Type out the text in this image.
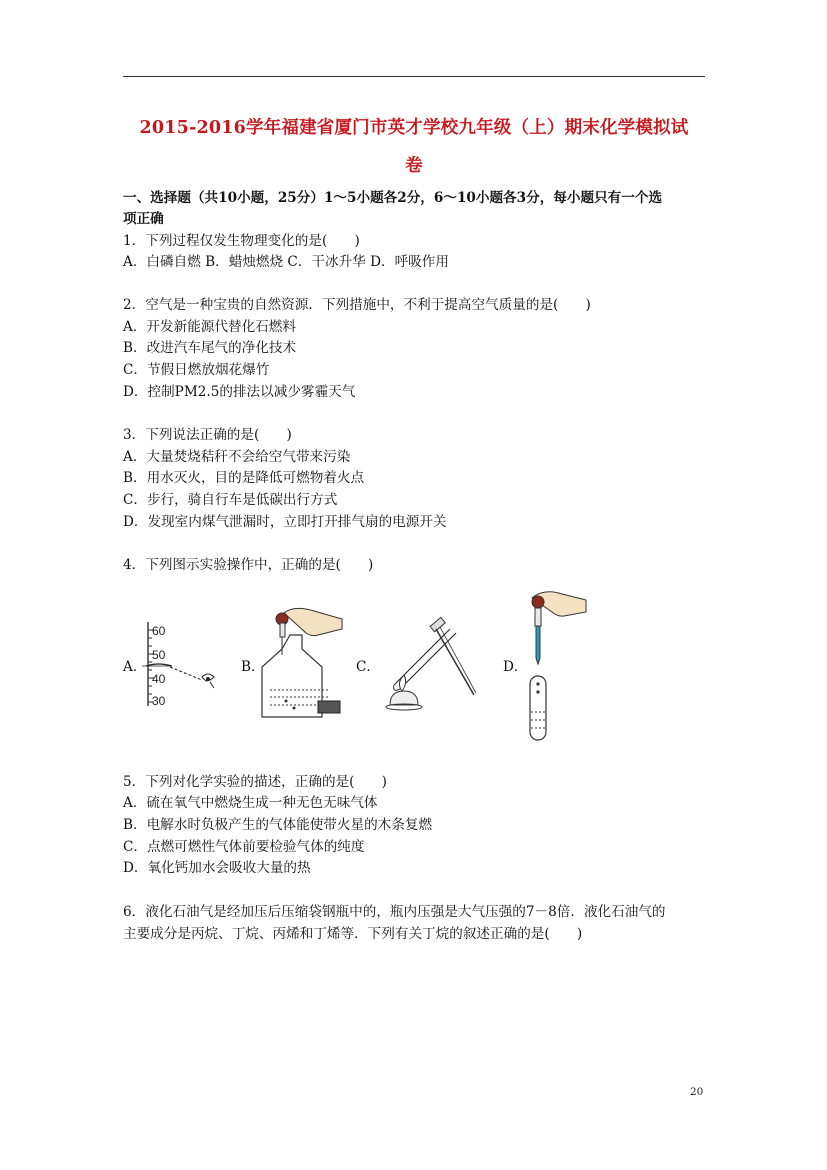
2015-2016学年福建省厦门市英才学校九年级（上）期末化学模拟试
卷
一、选择题（共10小题，25分）1～5小题各2分，6～10小题各3分，每小题只有一个选
项正确
1．下列过程仅发生物理变化的是(　　)
A．白磷自燃 B．蜡烛燃烧 C．干冰升华 D．呼吸作用
2．空气是一种宝贵的自然资源．下列措施中，不利于提高空气质量的是(　　)
A．开发新能源代替化石燃料
B．改进汽车尾气的净化技术
C．节假日燃放烟花爆竹
D．控制PM2.5的排法以减少雾霾天气
3．下列说法正确的是(　　)
A．大量焚烧秸秆不会给空气带来污染
B．用水灭火，目的是降低可燃物着火点
C．步行，骑自行车是低碳出行方式
D．发现室内煤气泄漏时，立即打开排气扇的电源开关
4．下列图示实验操作中，正确的是(　　)
A．	B．	C．	D．
60
50
40
30
5．下列对化学实验的描述，正确的是(　　)
A．硫在氧气中燃烧生成一种无色无味气体
B．电解水时负极产生的气体能使带火星的木条复燃
C．点燃可燃性气体前要检验气体的纯度
D．氧化钙加水会吸收大量的热
6．液化石油气是经加压后压缩袋钢瓶中的，瓶内压强是大气压强的7－8倍．液化石油气的
主要成分是丙烷、丁烷、丙烯和丁烯等．下列有关丁烷的叙述正确的是(　　)
20
